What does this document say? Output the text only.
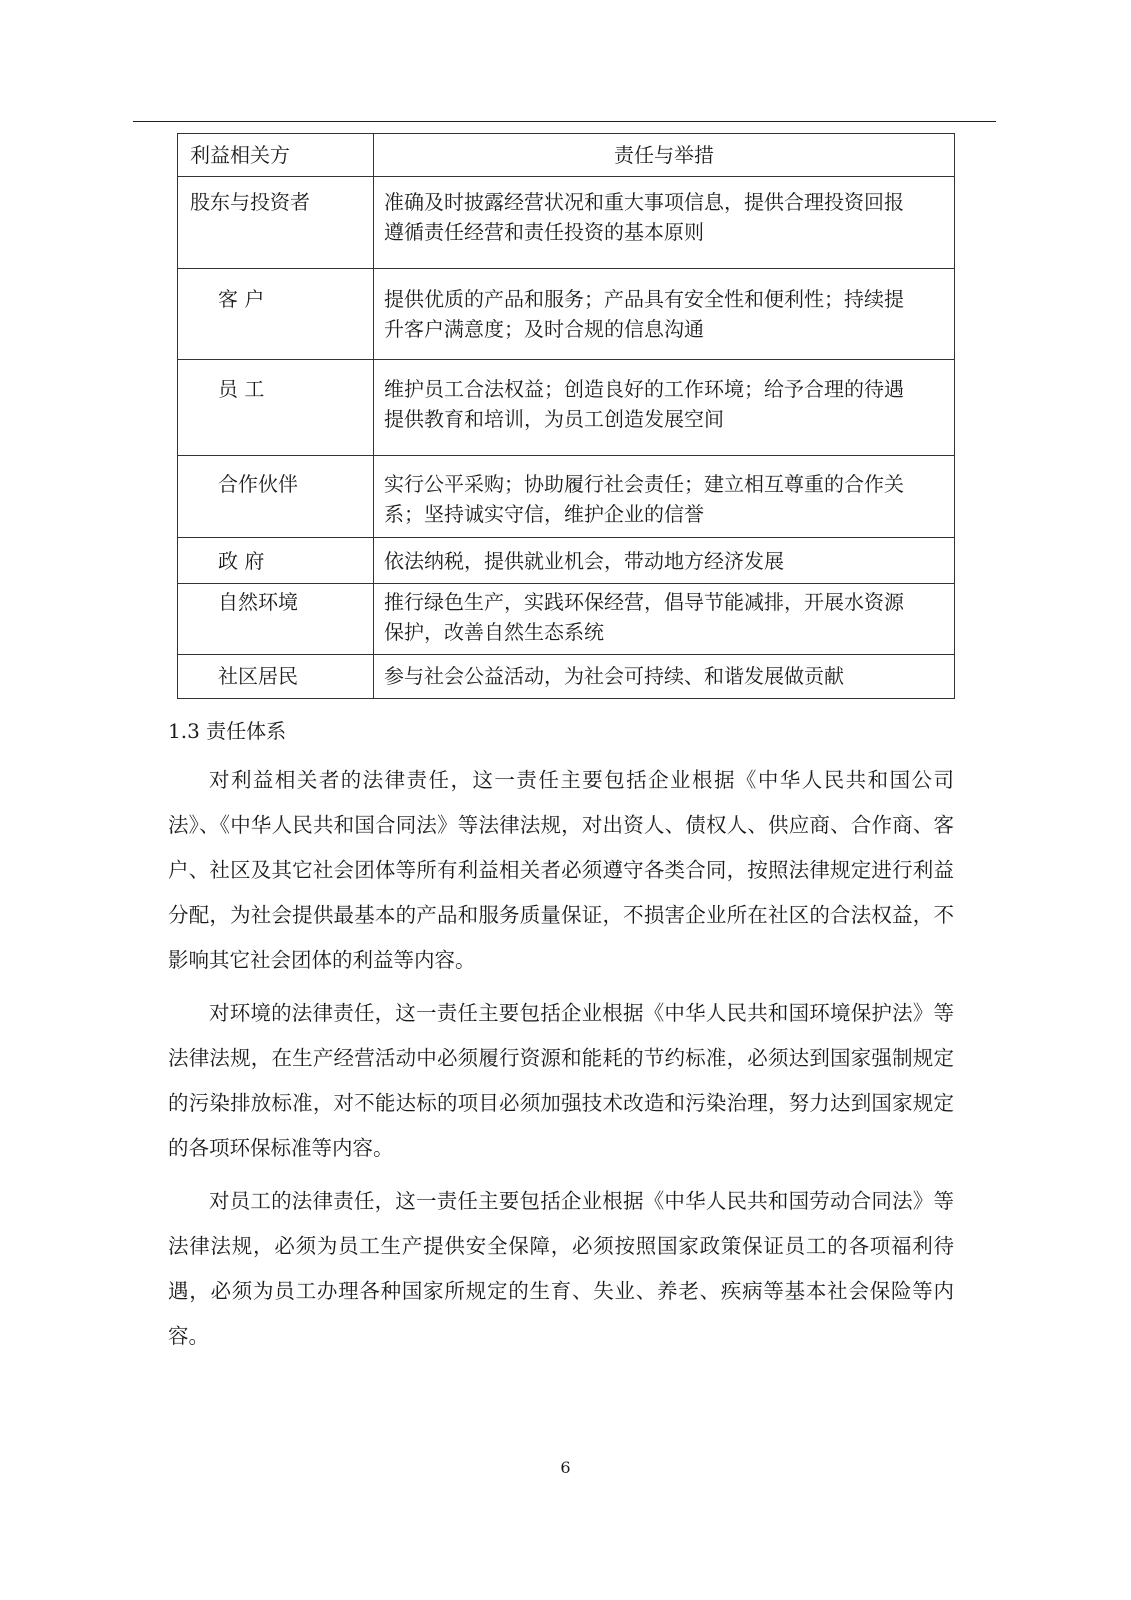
利益相关方	责任与举措
股东与投资者	准确及时披露经营状况和重大事项信息，提供合理投资回报
遵循责任经营和责任投资的基本原则

客 户	提供优质的产品和服务；产品具有安全性和便利性；持续提
升客户满意度；及时合规的信息沟通

员 工	维护员工合法权益；创造良好的工作环境；给予合理的待遇
提供教育和培训，为员工创造发展空间

合作伙伴	实行公平采购；协助履行社会责任；建立相互尊重的合作关
系；坚持诚实守信，维护企业的信誉

政 府	依法纳税，提供就业机会，带动地方经济发展

自然环境	推行绿色生产，实践环保经营，倡导节能减排，开展水资源
保护，改善自然生态系统

社区居民	参与社会公益活动，为社会可持续、和谐发展做贡献
1.3 责任体系

对利益相关者的法律责任，这一责任主要包括企业根据《中华人民共和国公司法》、《中华人民共和国合同法》等法律法规，对出资人、债权人、供应商、合作商、客户、社区及其它社会团体等所有利益相关者必须遵守各类合同，按照法律规定进行利益分配，为社会提供最基本的产品和服务质量保证，不损害企业所在社区的合法权益，不影响其它社会团体的利益等内容。

对环境的法律责任，这一责任主要包括企业根据《中华人民共和国环境保护法》等法律法规，在生产经营活动中必须履行资源和能耗的节约标准，必须达到国家强制规定的污染排放标准，对不能达标的项目必须加强技术改造和污染治理，努力达到国家规定的各项环保标准等内容。

对员工的法律责任，这一责任主要包括企业根据《中华人民共和国劳动合同法》等法律法规，必须为员工生产提供安全保障，必须按照国家政策保证员工的各项福利待遇，必须为员工办理各种国家所规定的生育、失业、养老、疾病等基本社会保险等内容。

6
